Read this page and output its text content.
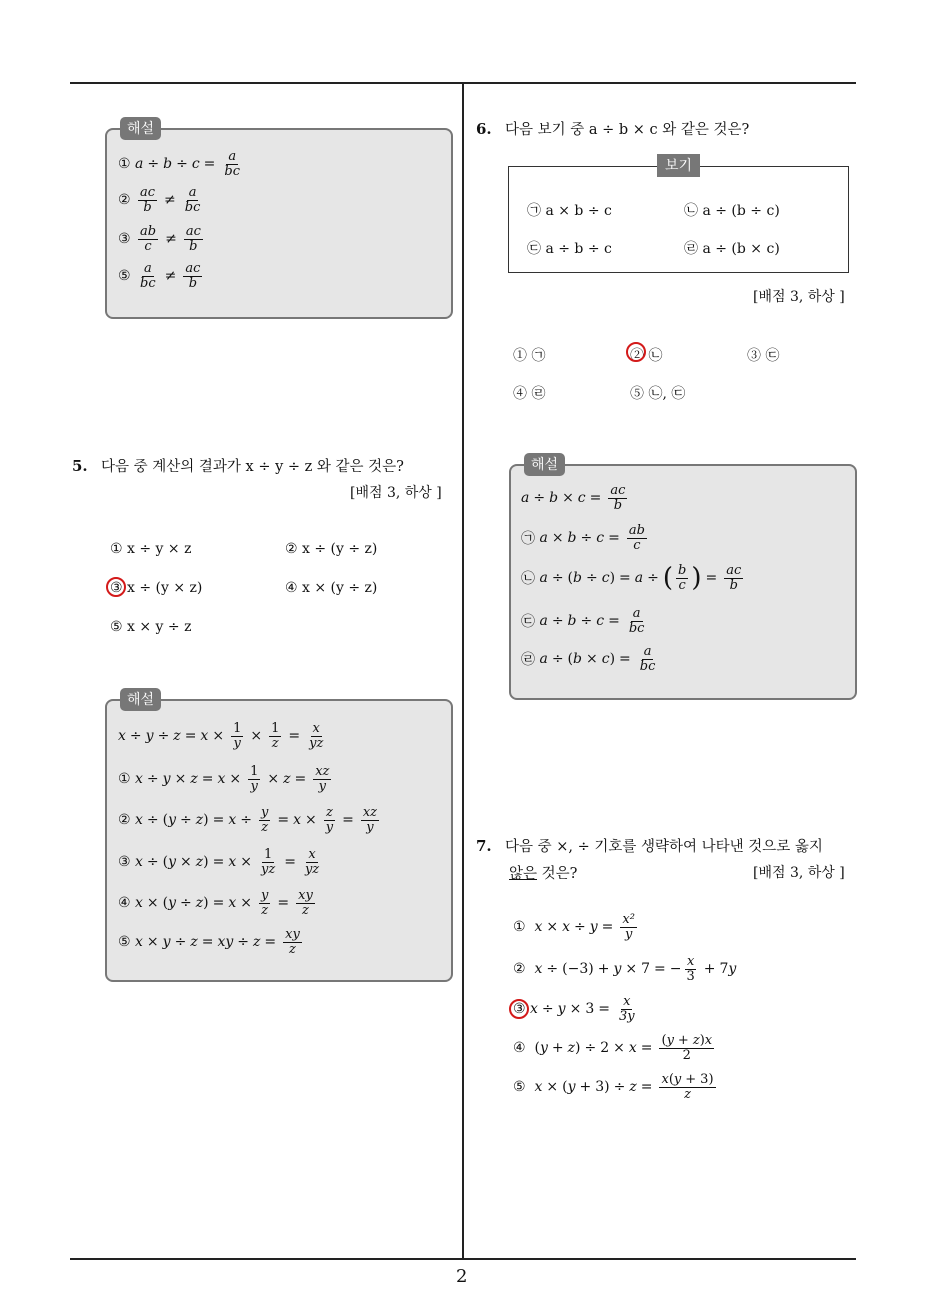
2
해설
①
$a \div b \div c = \frac{a}{bc}$
②
$\frac{ac}{b} \ne \frac{a}{bc}$
③
$\frac{ab}{c} \ne \frac{ac}{b}$
⑤
$\frac{a}{bc} \ne \frac{ac}{b}$
5. 다음 중 계산의 결과가 x ÷ y ÷ z 와 같은 것은?
[배점 3, 하상 ]
① x ÷ y × z	② x ÷ (y ÷ z)
③ x ÷ (y × z)	④ x × (y ÷ z)
⑤ x × y ÷ z
해설
$x \div y \div z = x \times \frac{1}{y} \times \frac{1}{z} = \frac{x}{yz}$
①
$x \div y \times z = x \times \frac{1}{y} \times z = \frac{xz}{y}$
②
x ÷ ( y ÷ z ) = $x \div \frac{y}{z} = x \times \frac{z}{y} = \frac{xz}{y}$
③
x ÷ ( y × z ) = $x \times \frac{1}{yz} = \frac{x}{yz}$
④
x × ( y ÷ z ) = $x \times \frac{y}{z} = \frac{xy}{z}$
⑤
x × y ÷ z = xy ÷ $z = \frac{xy}{z}$
6. 다음 보기 중 a ÷ b × c 와 같은 것은?
보기
㉠ a × b ÷ c	㉡ a ÷ (b ÷ c)
㉢ a ÷ b ÷ c	㉣ a ÷ (b × c)
[배점 3, 하상 ]
① ㉠	② ㉡	③ ㉢
④ ㉣	⑤ ㉡, ㉢
해설
$a \div b \times c = \frac{ac}{b}$
㉠
$a \times b \div c = \frac{ab}{c}$
㉡
a ÷ ( b ÷ c ) = a ÷ ( $\frac{b}{c}$ ) = $\frac{ac}{b}$
㉢
$a \div b \div c = \frac{a}{bc}$
㉣
a ÷ ( b × c ) = $\frac{a}{bc}$
7. 다음 중 ×, ÷ 기호를 생략하여 나타낸 것으로 옳지
않은 것은?	[배점 3, 하상 ]
①
$x \times x \div y = \frac{\text{x²}}{y}$
②
x ÷ ( − 3 ) + y × 7 = − $\frac{x}{3} + 7$ y
③
$x \div y \times 3 = \frac{x}{3y}$
④
( y + z ) ÷ $2 \times x = \frac{(y + z)x}{2}$
⑤
x × ( y + 3 ) ÷ $z = \frac{x(y + 3)}{z}$
